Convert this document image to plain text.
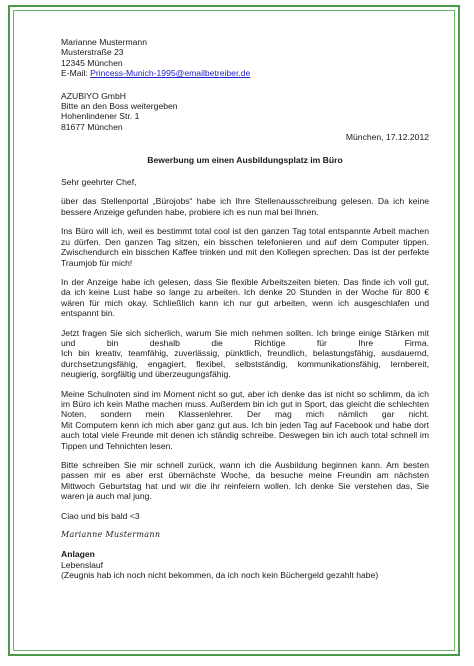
Marianne Mustermann
Musterstraße 23
12345 München
E-Mail: Princess-Munich-1995@emailbetreiber.de
AZUBIYO GmbH
Bitte an den Boss weitergeben
Hohenlindener Str. 1
81677 München
München, 17.12.2012
Bewerbung um einen Ausbildungsplatz im Büro
Sehr geehrter Chef,
über das Stellenportal „Bürojobs“ habe ich Ihre Stellenausschreibung gelesen. Da ich keine
bessere Anzeige gefunden habe, probiere ich es nun mal bei Ihnen.
Ins Büro will ich, weil es bestimmt total cool ist den ganzen Tag total entspannte Arbeit machen
zu dürfen. Den ganzen Tag sitzen, ein bisschen telefonieren und auf dem Computer tippen.
Zwischendurch ein bisschen Kaffee trinken und mit den Kollegen sprechen. Das ist der perfekte
Traumjob für mich!
In der Anzeige habe ich gelesen, dass Sie flexible Arbeitszeiten bieten. Das finde ich voll gut,
da ich keine Lust habe so lange zu arbeiten. Ich denke 20 Stunden in der Woche für 800 €
wären für mich okay. Schließlich kann ich nur gut arbeiten, wenn ich ausgeschlafen und
entspannt bin.
Jetzt fragen Sie sich sicherlich, warum Sie mich nehmen sollten. Ich bringe einige Stärken mit
und bin deshalb die Richtige für Ihre Firma.
Ich bin kreativ, teamfähig, zuverlässig, pünktlich, freundlich, belastungsfähig, ausdauernd,
durchsetzungsfähig, engagiert, flexibel, selbstständig, kommunikationsfähig, lernbereit,
neugierig, sorgfältig und überzeugungsfähig.
Meine Schulnoten sind im Moment nicht so gut, aber ich denke das ist nicht so schlimm, da ich
im Büro ich kein Mathe machen muss. Außerdem bin ich gut in Sport, das gleicht die schlechten
Noten, sondern mein Klassenlehrer. Der mag mich nämlich gar nicht.
Mit Computern kenn ich mich aber ganz gut aus. Ich bin jeden Tag auf Facebook und habe dort
auch total viele Freunde mit denen ich ständig schreibe. Deswegen bin ich auch total schnell im
Tippen und Tehnichten lesen.
Bitte schreiben Sie mir schnell zurück, wann ich die Ausbildung beginnen kann. Am besten
passen mir es aber erst übernächste Woche, da besuche meine Freundin am nächsten
Mittwoch Geburtstag hat und wir die ihr reinfeiern wollen. Ich denke Sie verstehen das, Sie
waren ja auch mal jung.
Ciao und bis bald <3
Marianne Mustermann
Anlagen
Lebenslauf
(Zeugnis hab ich noch nicht bekommen, da ich noch kein Büchergeld gezahlt habe)
